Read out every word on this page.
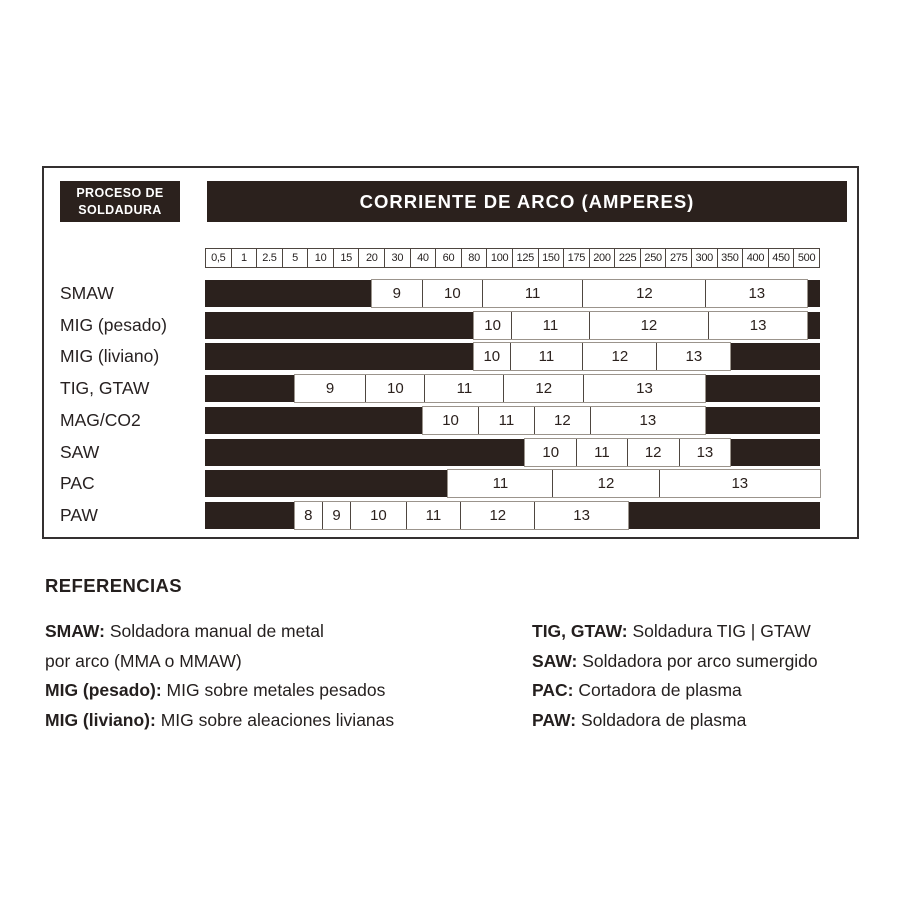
PROCESO DE
SOLDADURA	CORRIENTE DE ARCO (AMPERES)
0,5	1	2.5	5	10	15	20	30	40	60	80	100 125 150 175 200 225 250 275 300 350 400 450 500
SMAW	9	10	11	12	13
MIG (pesado)	10	11	12	13
MIG (liviano)	10	11	12	13
TIG, GTAW	9	10	11	12	13
MAG/CO2	10	11	12	13
SAW	10	11	12	13
PAC	11	12	13
PAW	8	9	10	11	12	13
REFERENCIAS
SMAW: Soldadora manual de metal
por arco (MMA o MMAW)
MIG (pesado): MIG sobre metales pesados
MIG (liviano): MIG sobre aleaciones livianas
TIG, GTAW: Soldadura TIG | GTAW
SAW: Soldadora por arco sumergido
PAC: Cortadora de plasma
PAW: Soldadora de plasma
